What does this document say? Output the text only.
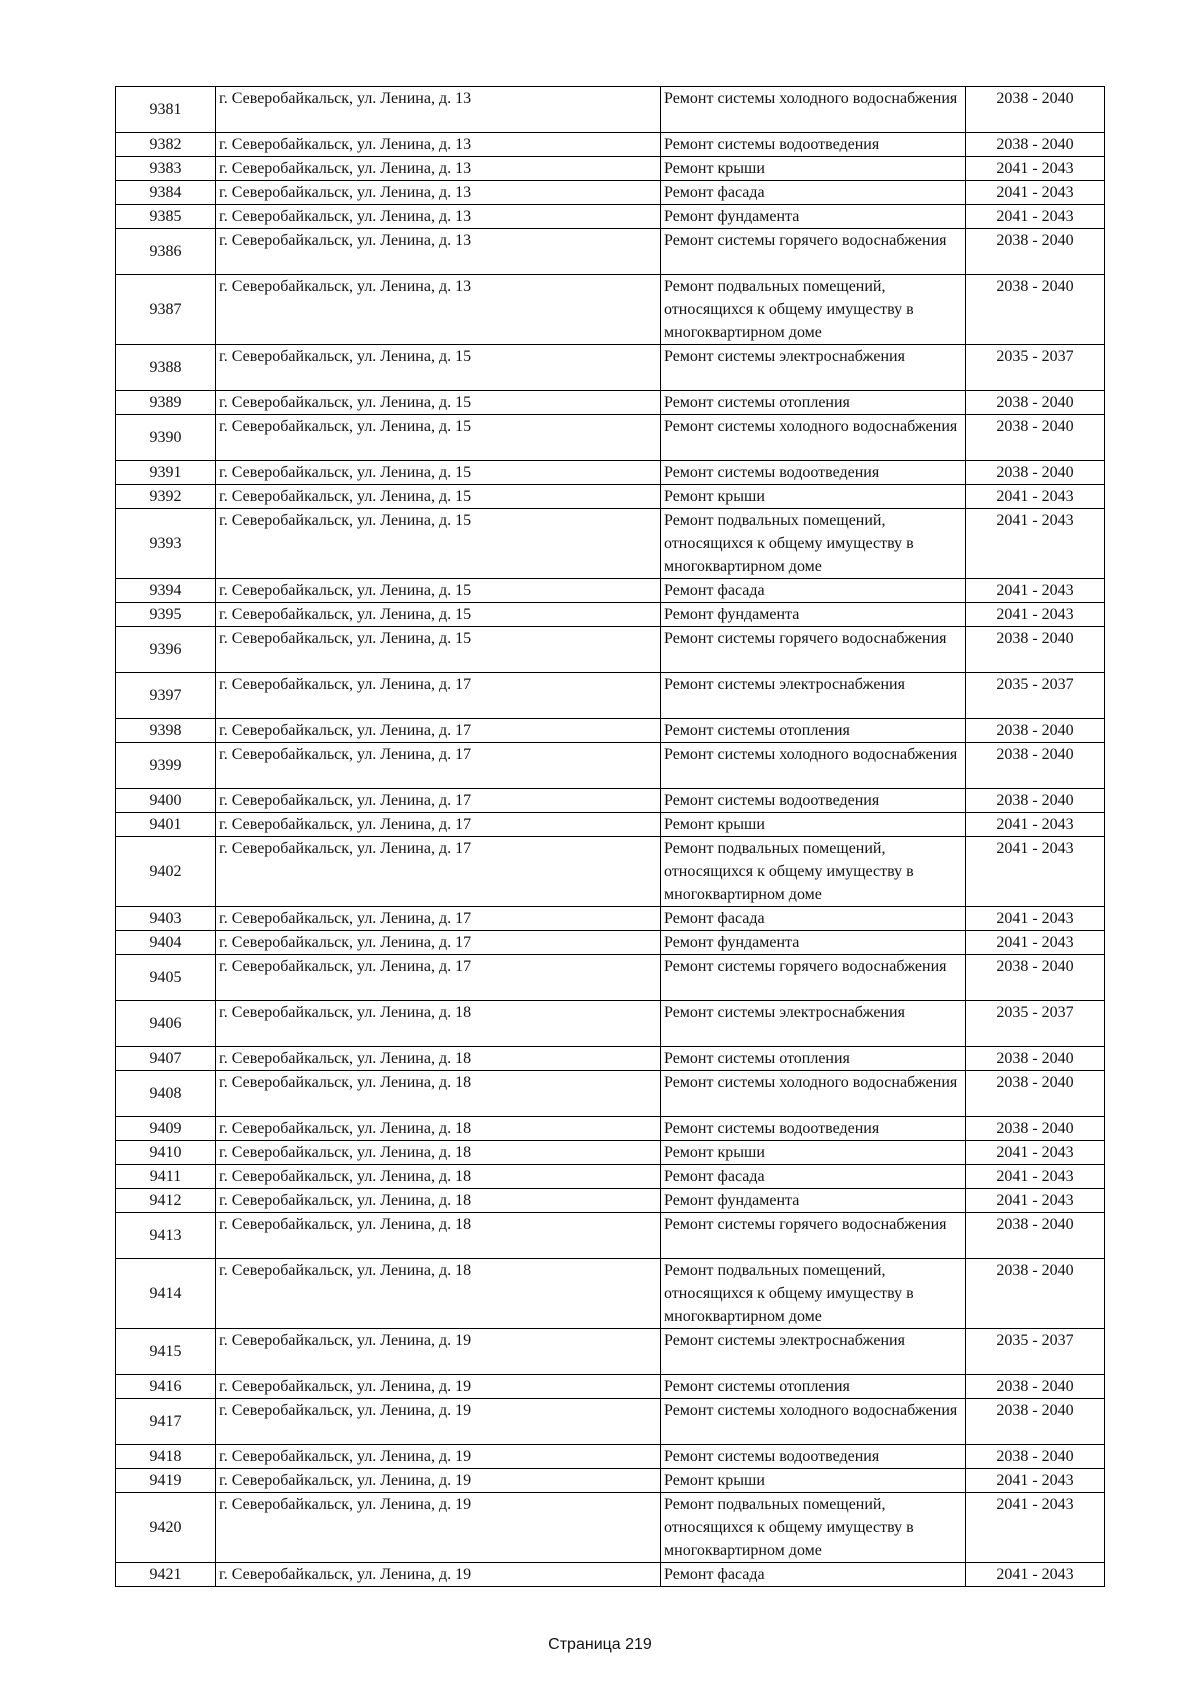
9381	г. Северобайкальск, ул. Ленина, д. 13	Ремонт системы холодного водоснабжения	2038 - 2040
9382	г. Северобайкальск, ул. Ленина, д. 13	Ремонт системы водоотведения	2038 - 2040
9383	г. Северобайкальск, ул. Ленина, д. 13	Ремонт крыши	2041 - 2043
9384	г. Северобайкальск, ул. Ленина, д. 13	Ремонт фасада	2041 - 2043
9385	г. Северобайкальск, ул. Ленина, д. 13	Ремонт фундамента	2041 - 2043
9386	г. Северобайкальск, ул. Ленина, д. 13	Ремонт системы горячего водоснабжения	2038 - 2040
9387	г. Северобайкальск, ул. Ленина, д. 13	Ремонт подвальных помещений, относящихся к общему имуществу в многоквартирном доме	2038 - 2040
9388	г. Северобайкальск, ул. Ленина, д. 15	Ремонт системы электроснабжения	2035 - 2037
9389	г. Северобайкальск, ул. Ленина, д. 15	Ремонт системы отопления	2038 - 2040
9390	г. Северобайкальск, ул. Ленина, д. 15	Ремонт системы холодного водоснабжения	2038 - 2040
9391	г. Северобайкальск, ул. Ленина, д. 15	Ремонт системы водоотведения	2038 - 2040
9392	г. Северобайкальск, ул. Ленина, д. 15	Ремонт крыши	2041 - 2043
9393	г. Северобайкальск, ул. Ленина, д. 15	Ремонт подвальных помещений, относящихся к общему имуществу в многоквартирном доме	2041 - 2043
9394	г. Северобайкальск, ул. Ленина, д. 15	Ремонт фасада	2041 - 2043
9395	г. Северобайкальск, ул. Ленина, д. 15	Ремонт фундамента	2041 - 2043
9396	г. Северобайкальск, ул. Ленина, д. 15	Ремонт системы горячего водоснабжения	2038 - 2040
9397	г. Северобайкальск, ул. Ленина, д. 17	Ремонт системы электроснабжения	2035 - 2037
9398	г. Северобайкальск, ул. Ленина, д. 17	Ремонт системы отопления	2038 - 2040
9399	г. Северобайкальск, ул. Ленина, д. 17	Ремонт системы холодного водоснабжения	2038 - 2040
9400	г. Северобайкальск, ул. Ленина, д. 17	Ремонт системы водоотведения	2038 - 2040
9401	г. Северобайкальск, ул. Ленина, д. 17	Ремонт крыши	2041 - 2043
9402	г. Северобайкальск, ул. Ленина, д. 17	Ремонт подвальных помещений, относящихся к общему имуществу в многоквартирном доме	2041 - 2043
9403	г. Северобайкальск, ул. Ленина, д. 17	Ремонт фасада	2041 - 2043
9404	г. Северобайкальск, ул. Ленина, д. 17	Ремонт фундамента	2041 - 2043
9405	г. Северобайкальск, ул. Ленина, д. 17	Ремонт системы горячего водоснабжения	2038 - 2040
9406	г. Северобайкальск, ул. Ленина, д. 18	Ремонт системы электроснабжения	2035 - 2037
9407	г. Северобайкальск, ул. Ленина, д. 18	Ремонт системы отопления	2038 - 2040
9408	г. Северобайкальск, ул. Ленина, д. 18	Ремонт системы холодного водоснабжения	2038 - 2040
9409	г. Северобайкальск, ул. Ленина, д. 18	Ремонт системы водоотведения	2038 - 2040
9410	г. Северобайкальск, ул. Ленина, д. 18	Ремонт крыши	2041 - 2043
9411	г. Северобайкальск, ул. Ленина, д. 18	Ремонт фасада	2041 - 2043
9412	г. Северобайкальск, ул. Ленина, д. 18	Ремонт фундамента	2041 - 2043
9413	г. Северобайкальск, ул. Ленина, д. 18	Ремонт системы горячего водоснабжения	2038 - 2040
9414	г. Северобайкальск, ул. Ленина, д. 18	Ремонт подвальных помещений, относящихся к общему имуществу в многоквартирном доме	2038 - 2040
9415	г. Северобайкальск, ул. Ленина, д. 19	Ремонт системы электроснабжения	2035 - 2037
9416	г. Северобайкальск, ул. Ленина, д. 19	Ремонт системы отопления	2038 - 2040
9417	г. Северобайкальск, ул. Ленина, д. 19	Ремонт системы холодного водоснабжения	2038 - 2040
9418	г. Северобайкальск, ул. Ленина, д. 19	Ремонт системы водоотведения	2038 - 2040
9419	г. Северобайкальск, ул. Ленина, д. 19	Ремонт крыши	2041 - 2043
9420	г. Северобайкальск, ул. Ленина, д. 19	Ремонт подвальных помещений, относящихся к общему имуществу в многоквартирном доме	2041 - 2043
9421	г. Северобайкальск, ул. Ленина, д. 19	Ремонт фасада	2041 - 2043
Страница 219
